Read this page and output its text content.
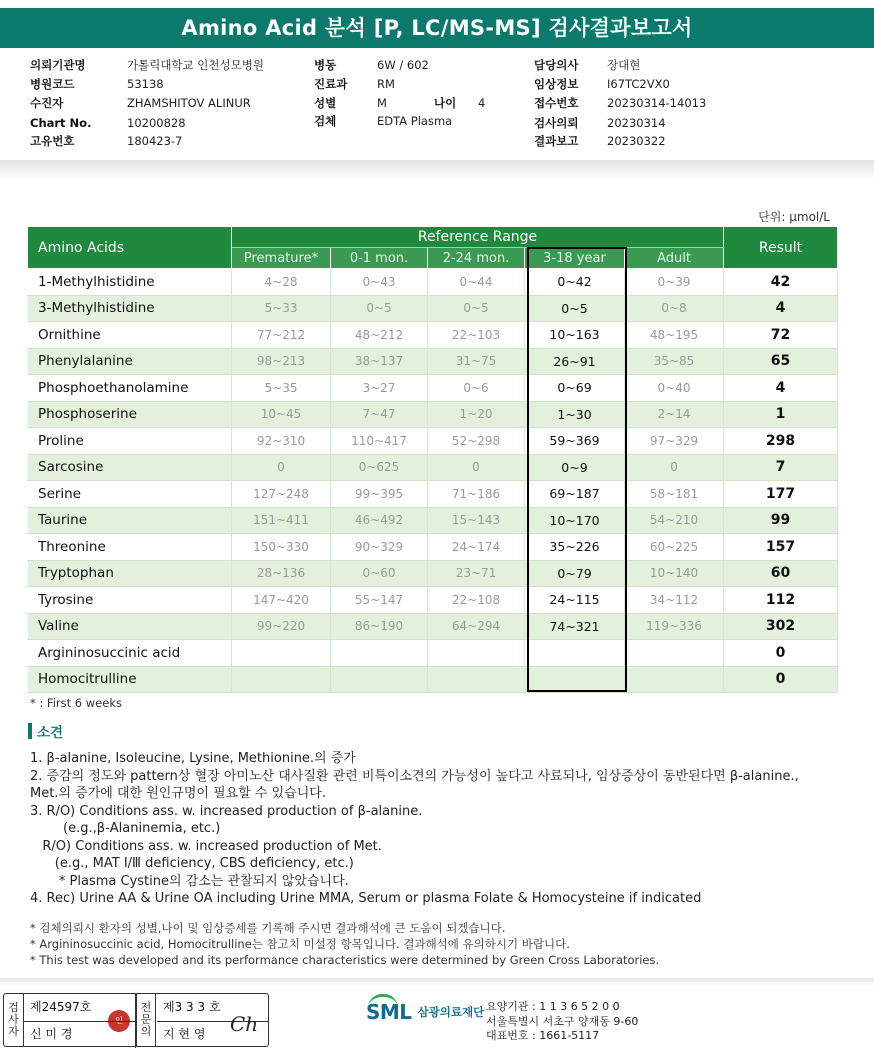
Amino Acid 분석 [P, LC/MS-MS] 검사결과보고서
의뢰기관명	가톨릭대학교 인천성모병원
병원코드	53138
수진자	ZHAMSHITOV ALINUR
Chart No.	10200828
고유번호	180423-7
병동	6W / 602
진료과	RM
성별	M	나이 4
검체	EDTA Plasma
담당의사 장대현
임상정보 I67TC2VX0
접수번호 20230314-14013
검사의뢰 20230314
결과보고 20230322
단위: μmol/L
Amino Acids	Reference Range					Result
	Premature*	0-1 mon.	2-24 mon.	3-18 year	Adult	
1-Methylhistidine	4~28	0~43	0~44	0~42	0~39	42
3-Methylhistidine	5~33	0~5	0~5	0~5	0~8	4
Ornithine	77~212	48~212	22~103	10~163	48~195	72
Phenylalanine	98~213	38~137	31~75	26~91	35~85	65
Phosphoethanolamine	5~35	3~27	0~6	0~69	0~40	4
Phosphoserine	10~45	7~47	1~20	1~30	2~14	1
Proline	92~310	110~417	52~298	59~369	97~329	298
Sarcosine	0	0~625	0	0~9	0	7
Serine	127~248	99~395	71~186	69~187	58~181	177
Taurine	151~411	46~492	15~143	10~170	54~210	99
Threonine	150~330	90~329	24~174	35~226	60~225	157
Tryptophan	28~136	0~60	23~71	0~79	10~140	60
Tyrosine	147~420	55~147	22~108	24~115	34~112	112
Valine	99~220	86~190	64~294	74~321	119~336	302
Argininosuccinic acid						0
Homocitrulline						0
* : First 6 weeks
소견
1. β-alanine, Isoleucine, Lysine, Methionine.의 증가
2. 증감의 정도와 pattern상 혈장 아미노산 대사질환 관련 비특이소견의 가능성이 높다고 사료되나, 임상증상이 동반된다면 β-alanine.,
Met.의 증가에 대한 원인규명이 필요할 수 있습니다.
3. R/O) Conditions ass. w. increased production of β-alanine.
(e.g.,β-Alaninemia, etc.)
R/O) Conditions ass. w. increased production of Met.
(e.g., MAT Ⅰ/Ⅲ deficiency, CBS deficiency, etc.)
* Plasma Cystine의 감소는 관찰되지 않았습니다.
4. Rec) Urine AA & Urine OA including Urine MMA, Serum or plasma Folate & Homocysteine if indicated
* 검체의뢰시 환자의 성별,나이 및 임상증세를 기록해 주시면 결과해석에 큰 도움이 되겠습니다.
* Argininosuccinic acid, Homocitrulline는 참고치 미설정 항목입니다. 결과해석에 유의하시기 바랍니다.
* This test was developed and its performance characteristics were determined by Green Cross Laboratories.
검
사
자
제24597호
신 미 경
전
문
의
제3 3 3 호
지 현 영	Ch	SML 삼광의료재단 요양기관 : 1 1 3 6 5 2 0 0
서울특별시 서초구 양재동 9-60
대표번호 : 1661-5117
